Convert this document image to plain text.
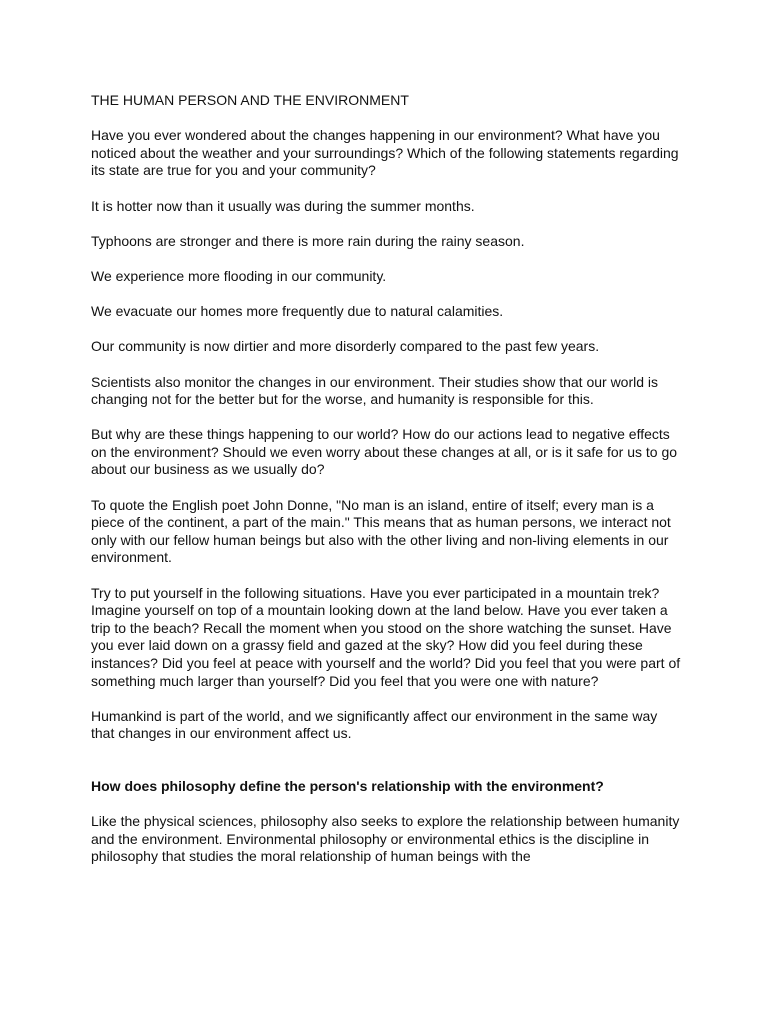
THE HUMAN PERSON AND THE ENVIRONMENT

Have you ever wondered about the changes happening in our environment? What have you noticed about the weather and your surroundings? Which of the following statements regarding its state are true for you and your community?

It is hotter now than it usually was during the summer months.

Typhoons are stronger and there is more rain during the rainy season.

We experience more flooding in our community.

We evacuate our homes more frequently due to natural calamities.

Our community is now dirtier and more disorderly compared to the past few years.

Scientists also monitor the changes in our environment. Their studies show that our world is changing not for the better but for the worse, and humanity is responsible for this.

But why are these things happening to our world? How do our actions lead to negative effects on the environment? Should we even worry about these changes at all, or is it safe for us to go about our business as we usually do?

To quote the English poet John Donne, "No man is an island, entire of itself; every man is a piece of the continent, a part of the main." This means that as human persons, we interact not only with our fellow human beings but also with the other living and non-living elements in our environment.

Try to put yourself in the following situations. Have you ever participated in a mountain trek? Imagine yourself on top of a mountain looking down at the land below. Have you ever taken a trip to the beach? Recall the moment when you stood on the shore watching the sunset. Have you ever laid down on a grassy field and gazed at the sky? How did you feel during these instances? Did you feel at peace with yourself and the world? Did you feel that you were part of something much larger than yourself? Did you feel that you were one with nature?

Humankind is part of the world, and we significantly affect our environment in the same way that changes in our environment affect us.

How does philosophy define the person's relationship with the environment?

Like the physical sciences, philosophy also seeks to explore the relationship between humanity and the environment. Environmental philosophy or environmental ethics is the discipline in philosophy that studies the moral relationship of human beings with the
